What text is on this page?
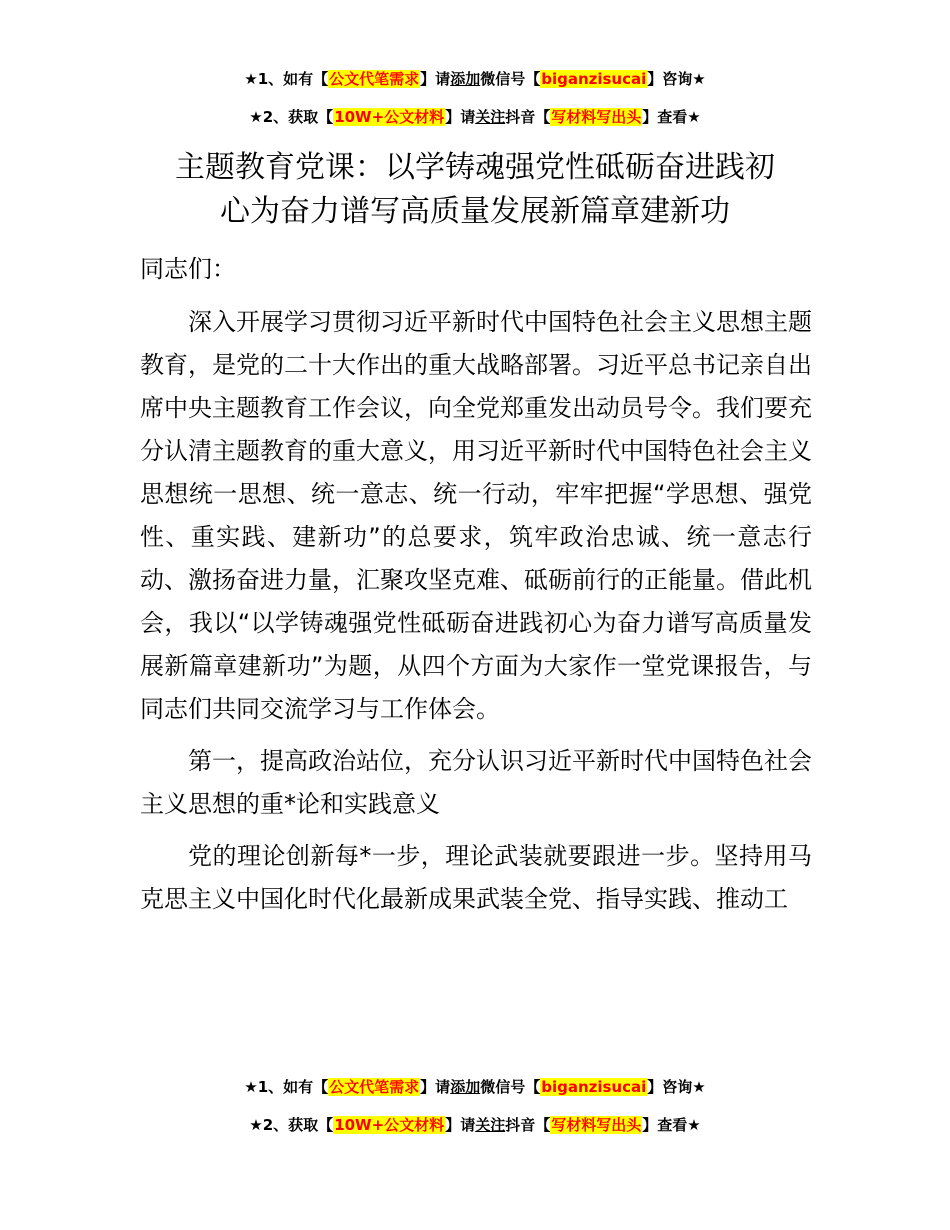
★1、如有【公文代笔需求】请添加微信号【biganzisucai】咨询★
★2、获取【10W+公文材料】请关注抖音【写材料写出头】查看★
主题教育党课：以学铸魂强党性砥砺奋进践初
心为奋力谱写高质量发展新篇章建新功

同志们：

深入开展学习贯彻习近平新时代中国特色社会主义思想主题教育，是党的二十大作出的重大战略部署。习近平总书记亲自出席中央主题教育工作会议，向全党郑重发出动员号令。我们要充分认清主题教育的重大意义，用习近平新时代中国特色社会主义思想统一思想、统一意志、统一行动，牢牢把握“学思想、强党性、重实践、建新功”的总要求，筑牢政治忠诚、统一意志行动、激扬奋进力量，汇聚攻坚克难、砥砺前行的正能量。借此机会，我以“以学铸魂强党性砥砺奋进践初心为奋力谱写高质量发展新篇章建新功”为题，从四个方面为大家作一堂党课报告，与同志们共同交流学习与工作体会。

第一，提高政治站位，充分认识习近平新时代中国特色社会主义思想的重*论和实践意义

党的理论创新每*一步，理论武装就要跟进一步。坚持用马克思主义中国化时代化最新成果武装全党、指导实践、推动工

★1、如有【公文代笔需求】请添加微信号【biganzisucai】咨询★
★2、获取【10W+公文材料】请关注抖音【写材料写出头】查看★
